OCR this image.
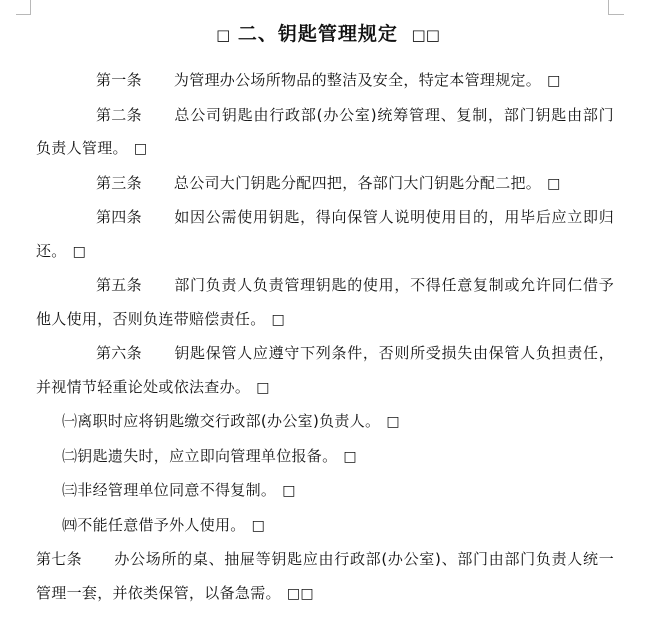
□ 二、钥匙管理规定 □□

第一条 为管理办公场所物品的整洁及安全，特定本管理规定。 □

第二条 总公司钥匙由行政部(办公室)统筹管理、复制，部门钥匙由部门负责人管理。 □

第三条 总公司大门钥匙分配四把，各部门大门钥匙分配二把。 □

第四条 如因公需使用钥匙，得向保管人说明使用目的，用毕后应立即归还。 □

第五条 部门负责人负责管理钥匙的使用，不得任意复制或允许同仁借予他人使用，否则负连带赔偿责任。 □

第六条 钥匙保管人应遵守下列条件，否则所受损失由保管人负担责任，并视情节轻重论处或依法查办。 □

㈠离职时应将钥匙缴交行政部(办公室)负责人。 □

㈡钥匙遗失时，应立即向管理单位报备。 □

㈢非经管理单位同意不得复制。 □

㈣不能任意借予外人使用。 □

第七条 办公场所的桌、抽屉等钥匙应由行政部(办公室)、部门由部门负责人统一管理一套，并依类保管，以备急需。 □□
